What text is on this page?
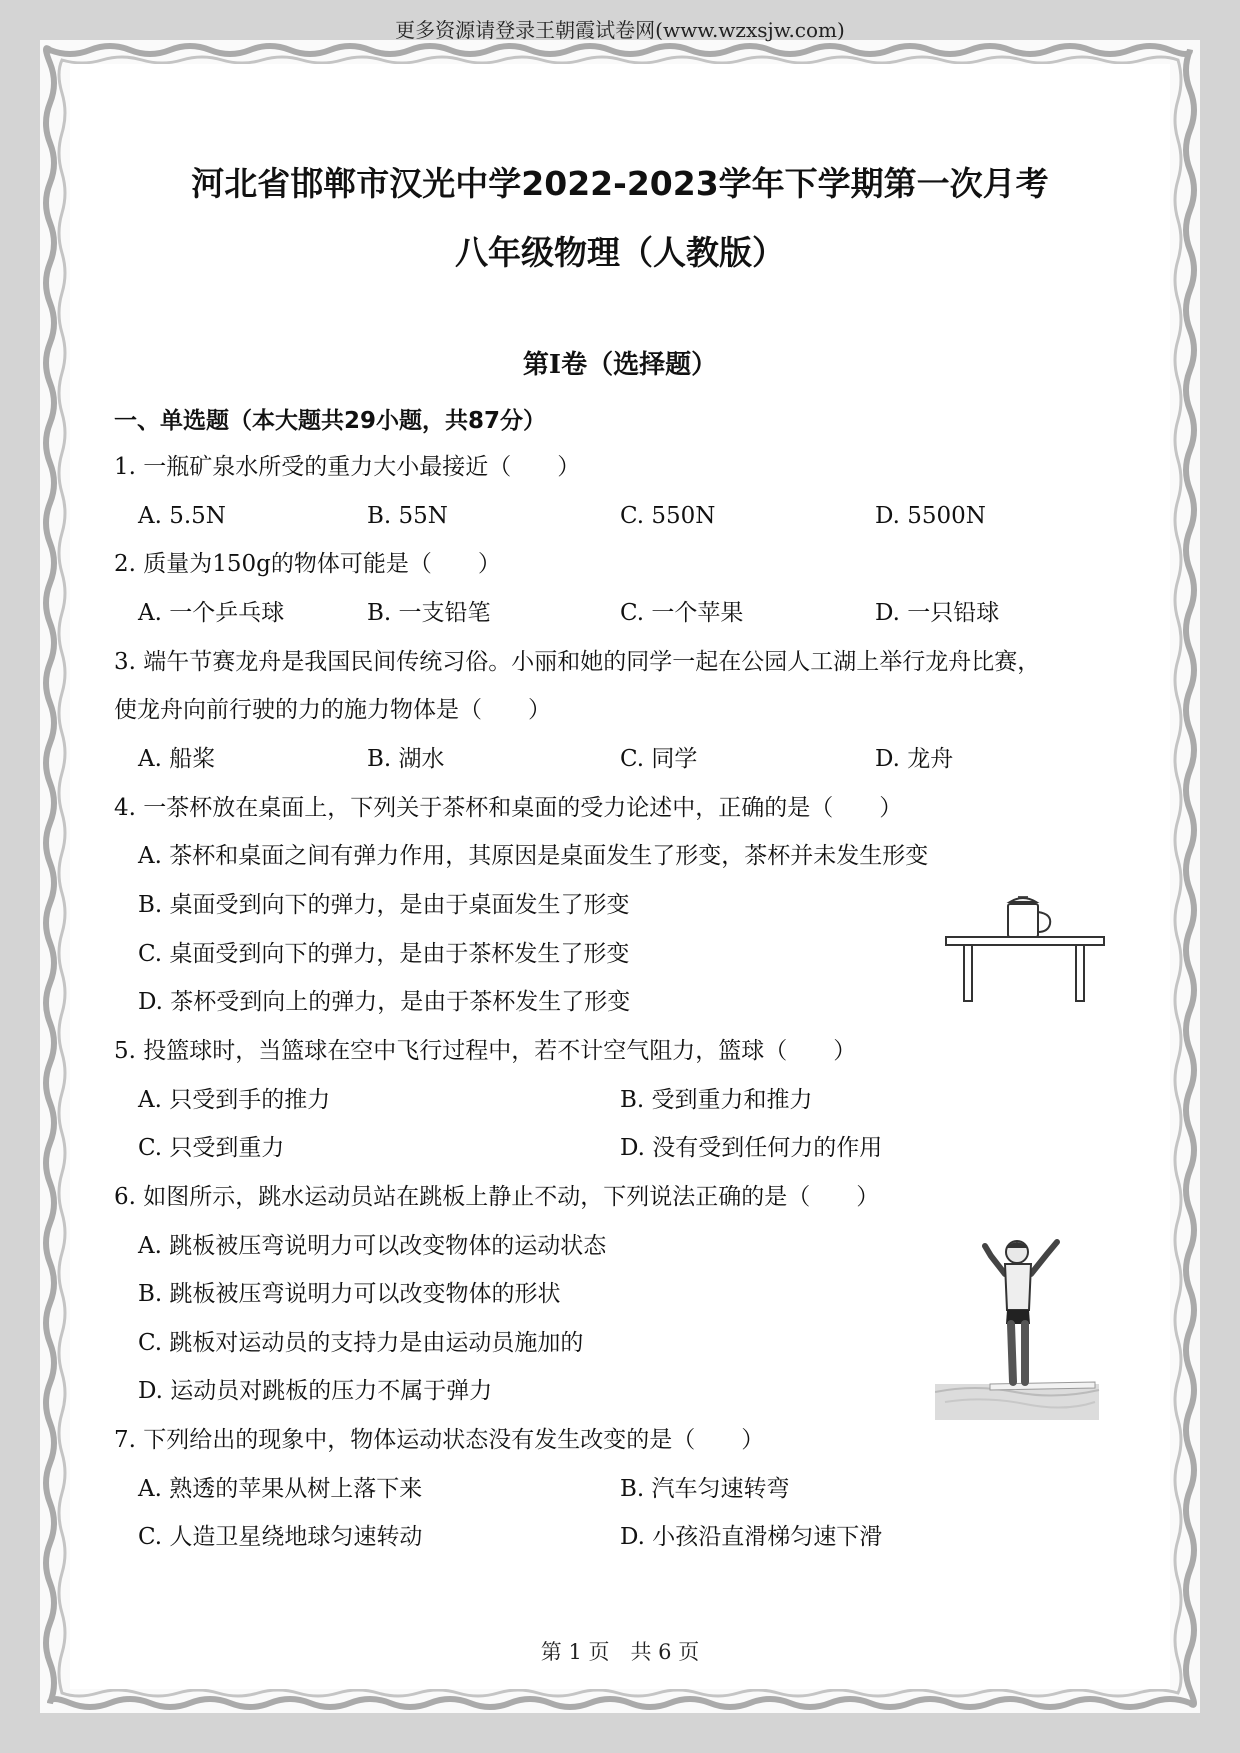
更多资源请登录王朝霞试卷网(www.wzxsjw.com)
河北省邯郸市汉光中学2022-2023学年下学期第一次月考
八年级物理（人教版）
第I卷（选择题）
一、单选题（本大题共29小题，共87分）
1. 一瓶矿泉水所受的重力大小最接近（　　）
A. 5.5N	B. 55N	C. 550N	D. 5500N
2. 质量为150g的物体可能是（　　）
A. 一个乒乓球	B. 一支铅笔	C. 一个苹果	D. 一只铅球
3. 端午节赛龙舟是我国民间传统习俗。小丽和她的同学一起在公园人工湖上举行龙舟比赛，
使龙舟向前行驶的力的施力物体是（　　）
A. 船桨	B. 湖水	C. 同学	D. 龙舟
4. 一茶杯放在桌面上，下列关于茶杯和桌面的受力论述中，正确的是（　　）
A. 茶杯和桌面之间有弹力作用，其原因是桌面发生了形变，茶杯并未发生形变
B. 桌面受到向下的弹力，是由于桌面发生了形变
C. 桌面受到向下的弹力，是由于茶杯发生了形变
D. 茶杯受到向上的弹力，是由于茶杯发生了形变
5. 投篮球时，当篮球在空中飞行过程中，若不计空气阻力，篮球（　　）
A. 只受到手的推力	B. 受到重力和推力
C. 只受到重力	D. 没有受到任何力的作用
6. 如图所示，跳水运动员站在跳板上静止不动，下列说法正确的是（　　）
A. 跳板被压弯说明力可以改变物体的运动状态
B. 跳板被压弯说明力可以改变物体的形状
C. 跳板对运动员的支持力是由运动员施加的
D. 运动员对跳板的压力不属于弹力
7. 下列给出的现象中，物体运动状态没有发生改变的是（　　）
A. 熟透的苹果从树上落下来	B. 汽车匀速转弯
C. 人造卫星绕地球匀速转动	D. 小孩沿直滑梯匀速下滑
第 1 页　共 6 页
